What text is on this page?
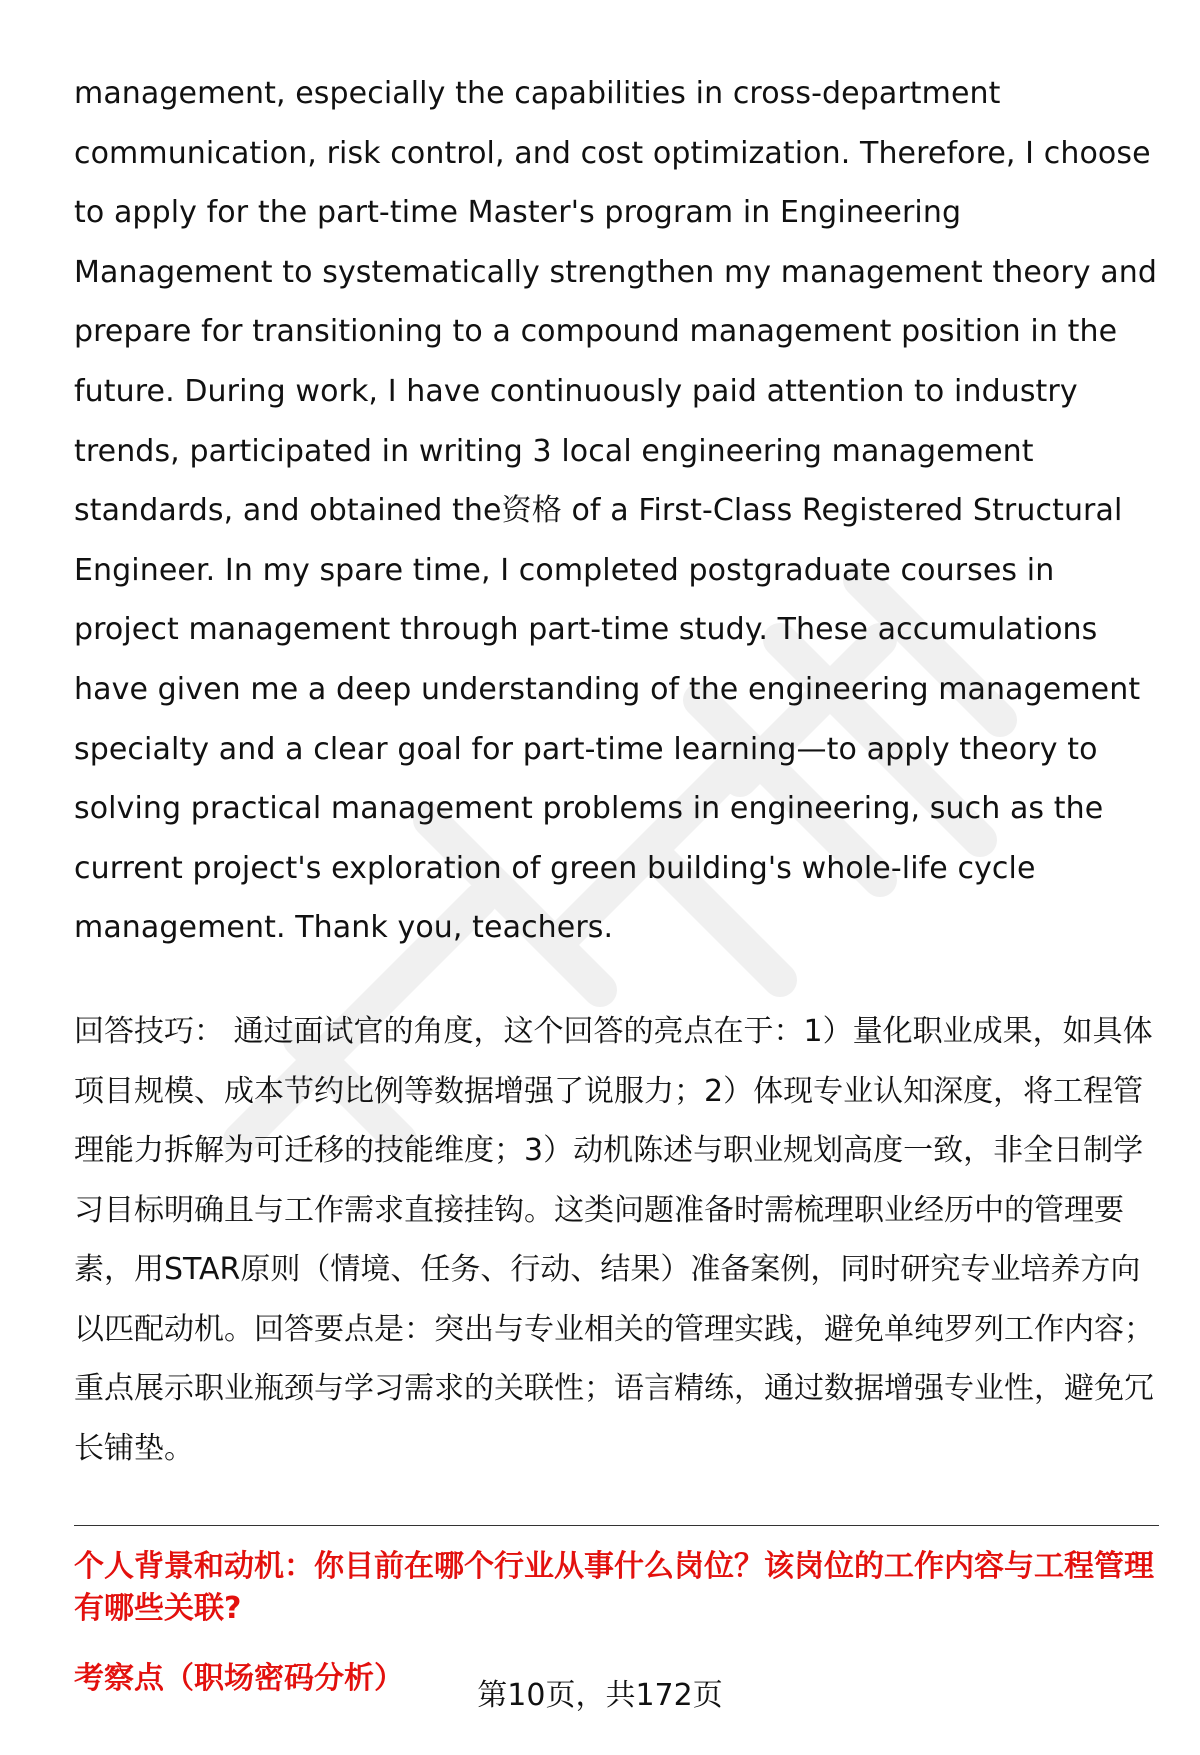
management, especially the capabilities in cross-department communication, risk control, and cost optimization. Therefore, I choose to apply for the part-time Master's program in Engineering Management to systematically strengthen my management theory and prepare for transitioning to a compound management position in the future. During work, I have continuously paid attention to industry trends, participated in writing 3 local engineering management standards, and obtained the资格 of a First-Class Registered Structural Engineer. In my spare time, I completed postgraduate courses in project management through part-time study. These accumulations have given me a deep understanding of the engineering management specialty and a clear goal for part-time learning—to apply theory to solving practical management problems in engineering, such as the current project's exploration of green building's whole-life cycle management. Thank you, teachers.

回答技巧： 通过面试官的角度，这个回答的亮点在于：1）量化职业成果，如具体项目规模、成本节约比例等数据增强了说服力；2）体现专业认知深度，将工程管理能力拆解为可迁移的技能维度；3）动机陈述与职业规划高度一致，非全日制学习目标明确且与工作需求直接挂钩。这类问题准备时需梳理职业经历中的管理要素，用STAR原则（情境、任务、行动、结果）准备案例，同时研究专业培养方向以匹配动机。回答要点是：突出与专业相关的管理实践，避免单纯罗列工作内容；重点展示职业瓶颈与学习需求的关联性；语言精练，通过数据增强专业性，避免冗长铺垫。

个人背景和动机：你目前在哪个行业从事什么岗位？该岗位的工作内容与工程管理有哪些关联?
考察点（职场密码分析）	第10页，共172页
